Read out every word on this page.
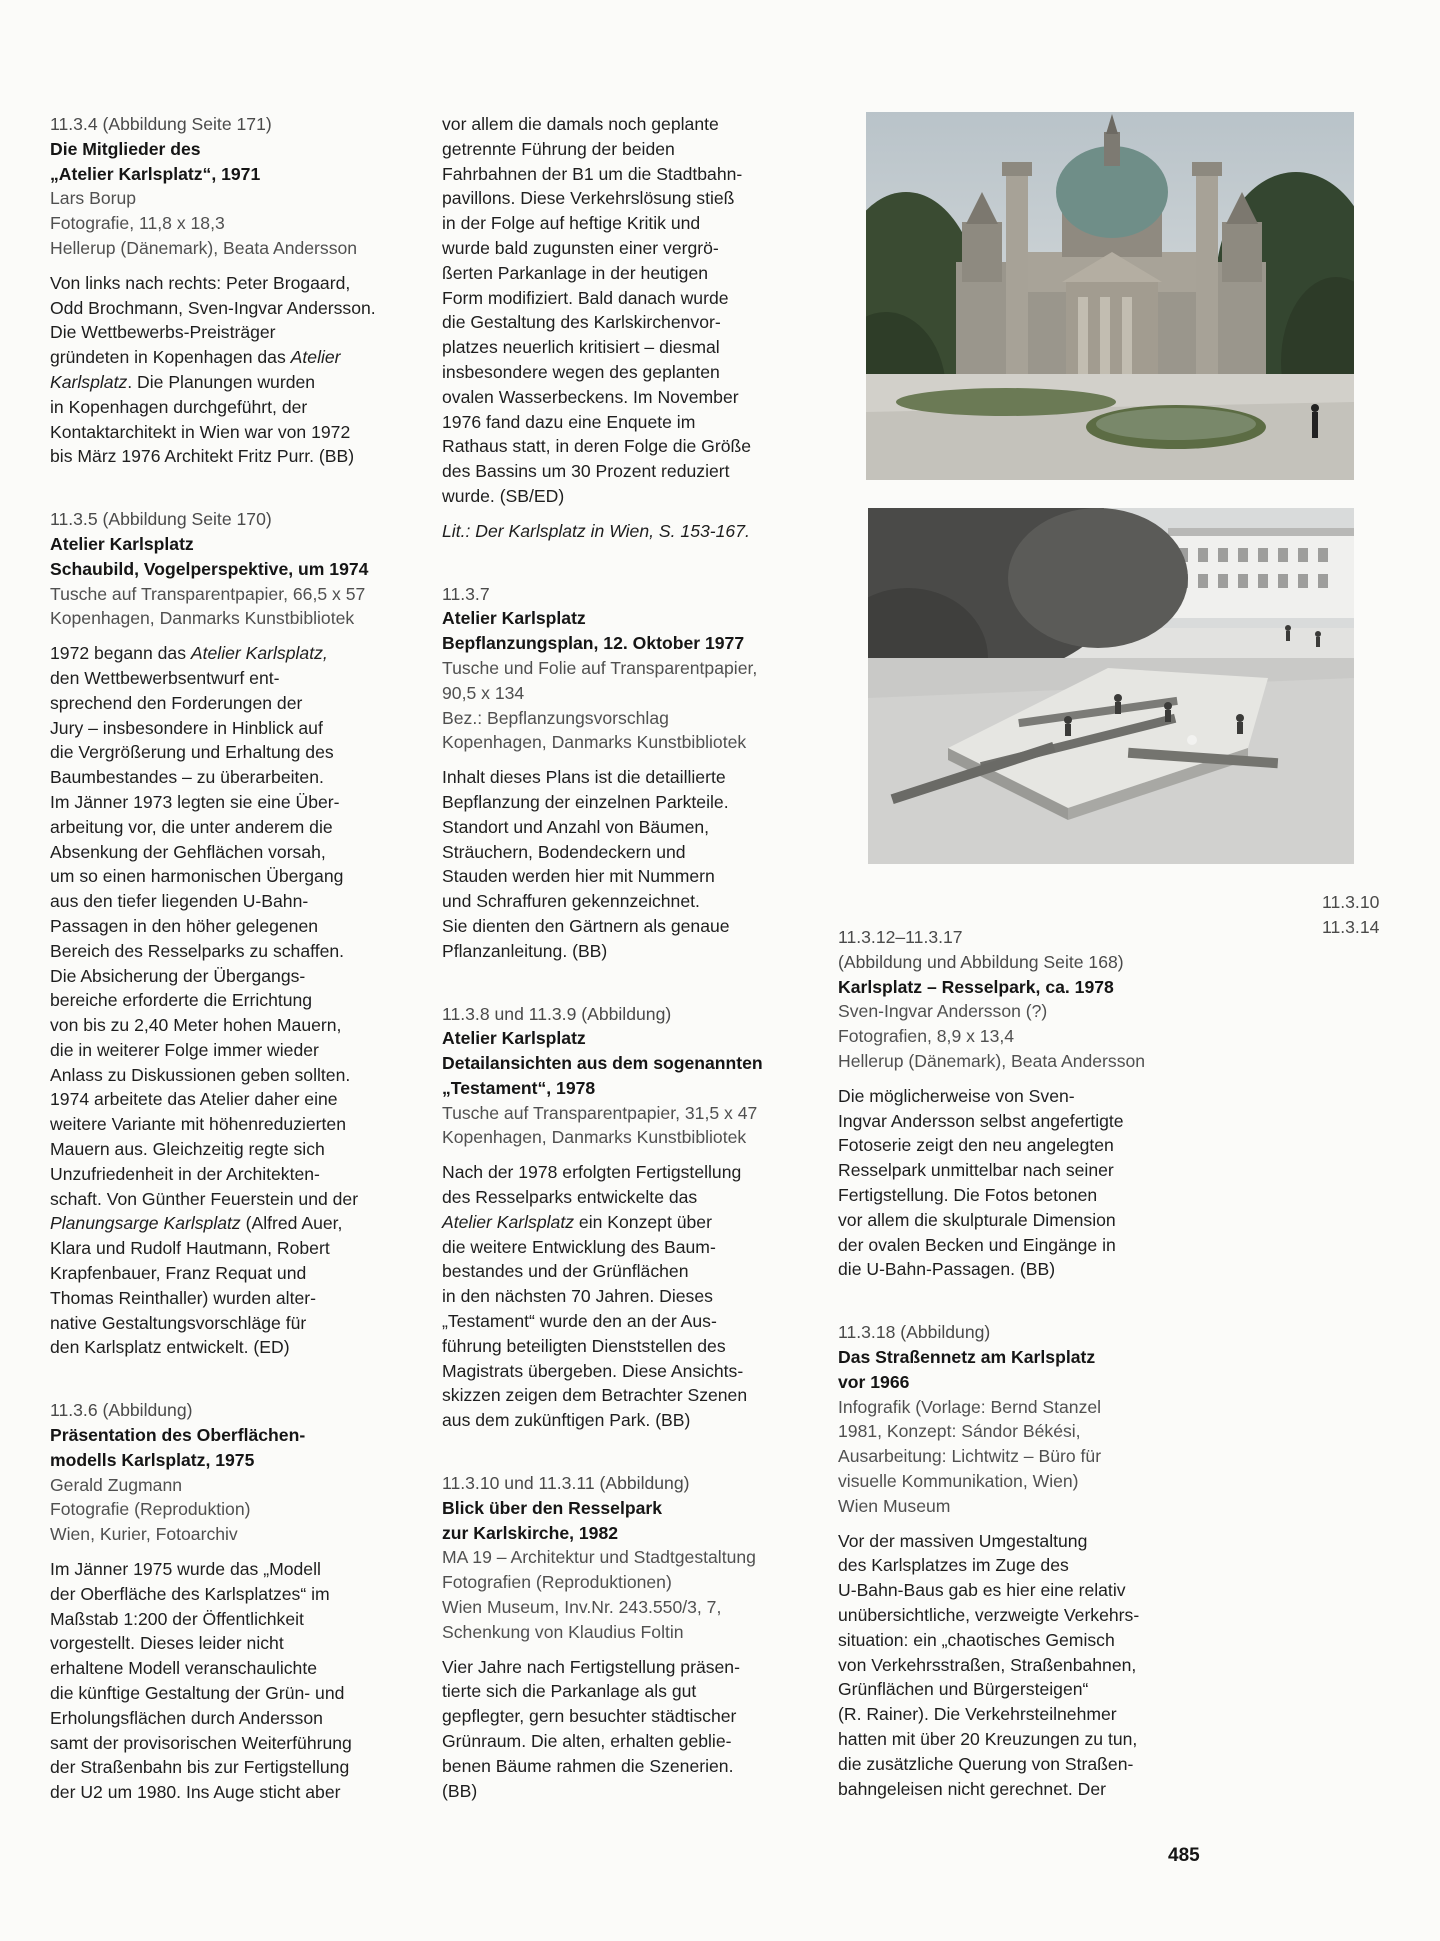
11.3.4 (Abbildung Seite 171)
Die Mitglieder des
„Atelier Karlsplatz“, 1971
Lars Borup
Fotografie, 11,8 x 18,3
Hellerup (Dänemark), Beata Andersson
Von links nach rechts: Peter Brogaard,
Odd Brochmann, Sven-Ingvar Andersson.
Die Wettbewerbs-Preisträger
gründeten in Kopenhagen das Atelier
Karlsplatz. Die Planungen wurden
in Kopenhagen durchgeführt, der
Kontaktarchitekt in Wien war von 1972
bis März 1976 Architekt Fritz Purr. (BB)
11.3.5 (Abbildung Seite 170)
Atelier Karlsplatz
Schaubild, Vogelperspektive, um 1974
Tusche auf Transparentpapier, 66,5 x 57
Kopenhagen, Danmarks Kunstbibliotek
1972 begann das Atelier Karlsplatz,
den Wettbewerbsentwurf ent-
sprechend den Forderungen der
Jury – insbesondere in Hinblick auf
die Vergrößerung und Erhaltung des
Baumbestandes – zu überarbeiten.
Im Jänner 1973 legten sie eine Über-
arbeitung vor, die unter anderem die
Absenkung der Gehflächen vorsah,
um so einen harmonischen Übergang
aus den tiefer liegenden U-Bahn-
Passagen in den höher gelegenen
Bereich des Resselparks zu schaffen.
Die Absicherung der Übergangs-
bereiche erforderte die Errichtung
von bis zu 2,40 Meter hohen Mauern,
die in weiterer Folge immer wieder
Anlass zu Diskussionen geben sollten.
1974 arbeitete das Atelier daher eine
weitere Variante mit höhenreduzierten
Mauern aus. Gleichzeitig regte sich
Unzufriedenheit in der Architekten-
schaft. Von Günther Feuerstein und der
Planungsarge Karlsplatz (Alfred Auer,
Klara und Rudolf Hautmann, Robert
Krapfenbauer, Franz Requat und
Thomas Reinthaller) wurden alter-
native Gestaltungsvorschläge für
den Karlsplatz entwickelt. (ED)
11.3.6 (Abbildung)
Präsentation des Oberflächen-
modells Karlsplatz, 1975
Gerald Zugmann
Fotografie (Reproduktion)
Wien, Kurier, Fotoarchiv
Im Jänner 1975 wurde das „Modell
der Oberfläche des Karlsplatzes“ im
Maßstab 1:200 der Öffentlichkeit
vorgestellt. Dieses leider nicht
erhaltene Modell veranschaulichte
die künftige Gestaltung der Grün- und
Erholungsflächen durch Andersson
samt der provisorischen Weiterführung
der Straßenbahn bis zur Fertigstellung
der U2 um 1980. Ins Auge sticht aber
vor allem die damals noch geplante
getrennte Führung der beiden
Fahrbahnen der B1 um die Stadtbahn-
pavillons. Diese Verkehrslösung stieß
in der Folge auf heftige Kritik und
wurde bald zugunsten einer vergrö-
ßerten Parkanlage in der heutigen
Form modifiziert. Bald danach wurde
die Gestaltung des Karlskirchenvor-
platzes neuerlich kritisiert – diesmal
insbesondere wegen des geplanten
ovalen Wasserbeckens. Im November
1976 fand dazu eine Enquete im
Rathaus statt, in deren Folge die Größe
des Bassins um 30 Prozent reduziert
wurde. (SB/ED)
Lit.: Der Karlsplatz in Wien, S. 153-167.
11.3.7
Atelier Karlsplatz
Bepflanzungsplan, 12. Oktober 1977
Tusche und Folie auf Transparentpapier,
90,5 x 134
Bez.: Bepflanzungsvorschlag
Kopenhagen, Danmarks Kunstbibliotek
Inhalt dieses Plans ist die detaillierte
Bepflanzung der einzelnen Parkteile.
Standort und Anzahl von Bäumen,
Sträuchern, Bodendeckern und
Stauden werden hier mit Nummern
und Schraffuren gekennzeichnet.
Sie dienten den Gärtnern als genaue
Pflanzanleitung. (BB)
11.3.8 und 11.3.9 (Abbildung)
Atelier Karlsplatz
Detailansichten aus dem sogenannten
„Testament“, 1978
Tusche auf Transparentpapier, 31,5 x 47
Kopenhagen, Danmarks Kunstbibliotek
Nach der 1978 erfolgten Fertigstellung
des Resselparks entwickelte das
Atelier Karlsplatz ein Konzept über
die weitere Entwicklung des Baum-
bestandes und der Grünflächen
in den nächsten 70 Jahren. Dieses
„Testament“ wurde den an der Aus-
führung beteiligten Dienststellen des
Magistrats übergeben. Diese Ansichts-
skizzen zeigen dem Betrachter Szenen
aus dem zukünftigen Park. (BB)
11.3.10 und 11.3.11 (Abbildung)
Blick über den Resselpark
zur Karlskirche, 1982
MA 19 – Architektur und Stadtgestaltung
Fotografien (Reproduktionen)
Wien Museum, Inv.Nr. 243.550/3, 7,
Schenkung von Klaudius Foltin
Vier Jahre nach Fertigstellung präsen-
tierte sich die Parkanlage als gut
gepflegter, gern besuchter städtischer
Grünraum. Die alten, erhalten geblie-
benen Bäume rahmen die Szenerien.
(BB)
11.3.12–11.3.17
(Abbildung und Abbildung Seite 168)
Karlsplatz – Resselpark, ca. 1978
Sven-Ingvar Andersson (?)
Fotografien, 8,9 x 13,4
Hellerup (Dänemark), Beata Andersson
Die möglicherweise von Sven-
Ingvar Andersson selbst angefertigte
Fotoserie zeigt den neu angelegten
Resselpark unmittelbar nach seiner
Fertigstellung. Die Fotos betonen
vor allem die skulpturale Dimension
der ovalen Becken und Eingänge in
die U-Bahn-Passagen. (BB)
11.3.18 (Abbildung)
Das Straßennetz am Karlsplatz
vor 1966
Infografik (Vorlage: Bernd Stanzel
1981, Konzept: Sándor Békési,
Ausarbeitung: Lichtwitz – Büro für
visuelle Kommunikation, Wien)
Wien Museum
Vor der massiven Umgestaltung
des Karlsplatzes im Zuge des
U-Bahn-Baus gab es hier eine relativ
unübersichtliche, verzweigte Verkehrs-
situation: ein „chaotisches Gemisch
von Verkehrsstraßen, Straßenbahnen,
Grünflächen und Bürgersteigen“
(R. Rainer). Die Verkehrsteilnehmer
hatten mit über 20 Kreuzungen zu tun,
die zusätzliche Querung von Straßen-
bahngeleisen nicht gerechnet. Der
11.3.10
11.3.14
485
